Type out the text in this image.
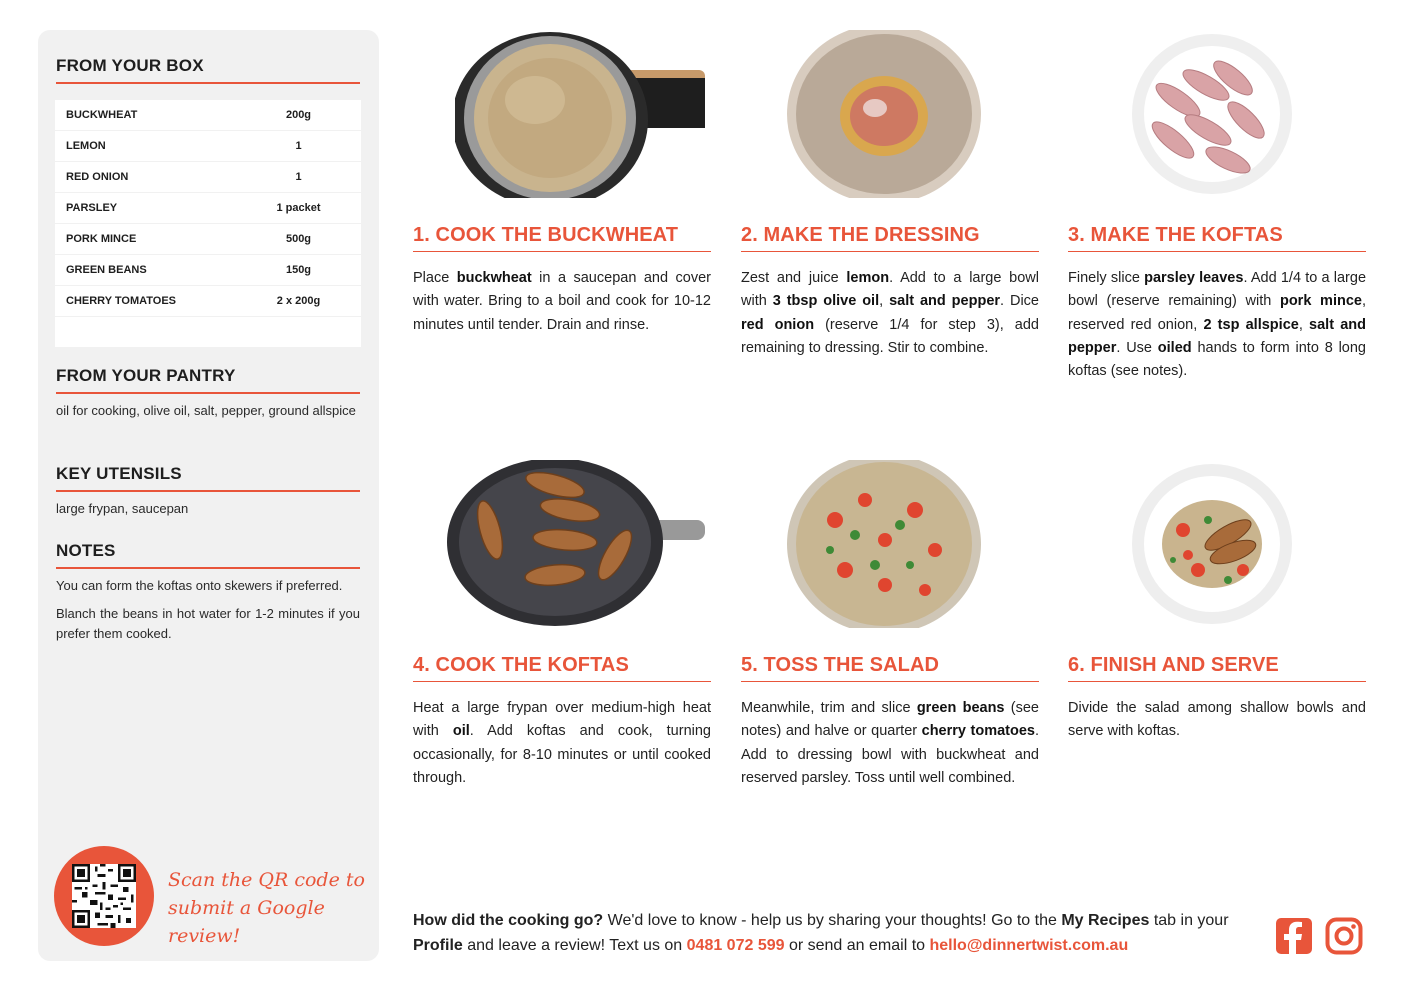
FROM YOUR BOX
BUCKWHEAT	200g
LEMON	1
RED ONION	1
PARSLEY	1 packet
PORK MINCE	500g
GREEN BEANS	150g
CHERRY TOMATOES	2 x 200g

FROM YOUR PANTRY

oil for cooking, olive oil, salt, pepper, ground allspice

KEY UTENSILS

large frypan, saucepan

NOTES

You can form the koftas onto skewers if preferred.

Blanch the beans in hot water for 1-2 minutes if you prefer them cooked.

Scan the QR code to
submit a Google review!
1. COOK THE BUCKWHEAT

Place buckwheat in a saucepan and cover with water. Bring to a boil and cook for 10-12 minutes until tender. Drain and rinse.

2. MAKE THE DRESSING

Zest and juice lemon. Add to a large bowl with 3 tbsp olive oil, salt and pepper. Dice red onion (reserve 1/4 for step 3), add remaining to dressing. Stir to combine.

3. MAKE THE KOFTAS

Finely slice parsley leaves. Add 1/4 to a large bowl (reserve remaining) with pork mince, reserved red onion, 2 tsp allspice, salt and pepper. Use oiled hands to form into 8 long koftas (see notes).

4. COOK THE KOFTAS

Heat a large frypan over medium-high heat with oil. Add koftas and cook, turning occasionally, for 8-10 minutes or until cooked through.

5. TOSS THE SALAD

Meanwhile, trim and slice green beans (see notes) and halve or quarter cherry tomatoes. Add to dressing bowl with buckwheat and reserved parsley. Toss until well combined.

6. FINISH AND SERVE

Divide the salad among shallow bowls and serve with koftas.

How did the cooking go? We'd love to know - help us by sharing your thoughts! Go to the My Recipes tab in your Profile and leave a review! Text us on 0481 072 599 or send an email to hello@dinnertwist.com.au
